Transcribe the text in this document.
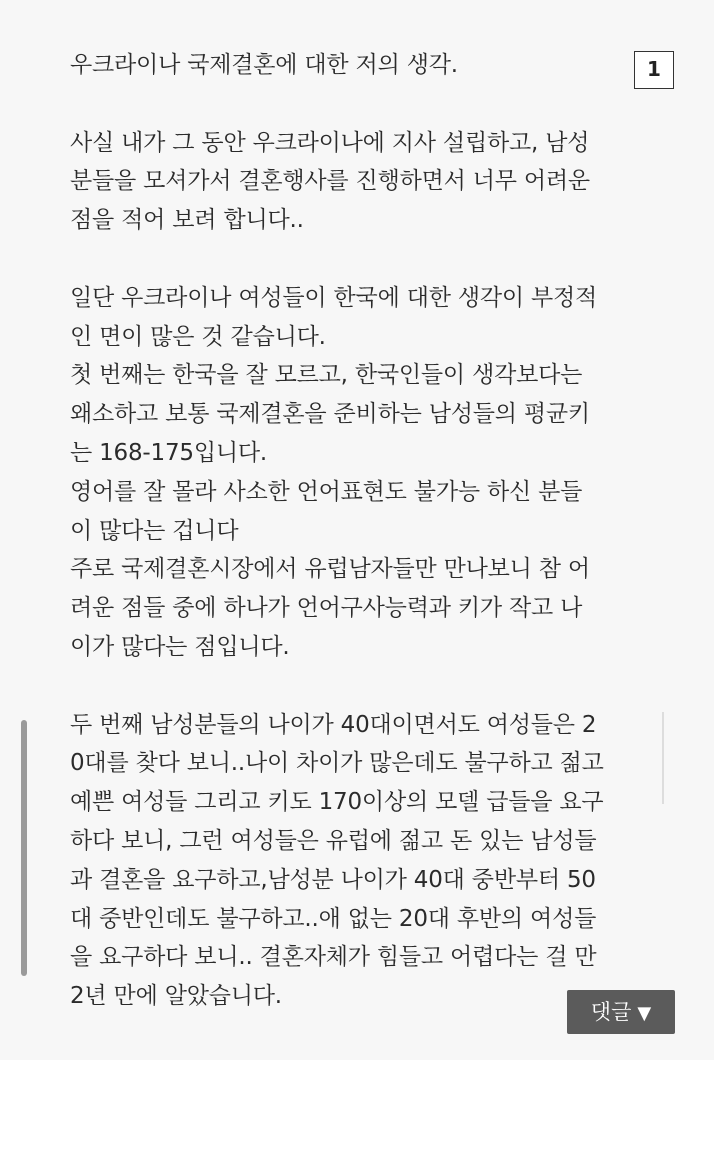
우크라이나 국제결혼에 대한 저의 생각.
사실 내가 그 동안 우크라이나에 지사 설립하고, 남성
분들을 모셔가서 결혼행사를 진행하면서 너무 어려운
점을 적어 보려 합니다..
일단 우크라이나 여성들이 한국에 대한 생각이 부정적
인 면이 많은 것 같습니다.
첫 번째는 한국을 잘 모르고, 한국인들이 생각보다는
왜소하고 보통 국제결혼을 준비하는 남성들의 평균키
는 168-175입니다.
영어를 잘 몰라 사소한 언어표현도 불가능 하신 분들
이 많다는 겁니다
주로 국제결혼시장에서 유럽남자들만 만나보니 참 어
려운 점들 중에 하나가 언어구사능력과 키가 작고 나
이가 많다는 점입니다.
두 번째 남성분들의 나이가 40대이면서도 여성들은 2
0대를 찾다 보니..나이 차이가 많은데도 불구하고 젊고
예쁜 여성들 그리고 키도 170이상의 모델 급들을 요구
하다 보니, 그런 여성들은 유럽에 젊고 돈 있는 남성들
과 결혼을 요구하고,남성분 나이가 40대 중반부터 50
대 중반인데도 불구하고..애 없는 20대 후반의 여성들
을 요구하다 보니.. 결혼자체가 힘들고 어렵다는 걸 만
2년 만에 알았습니다.
1
댓글 ▼
